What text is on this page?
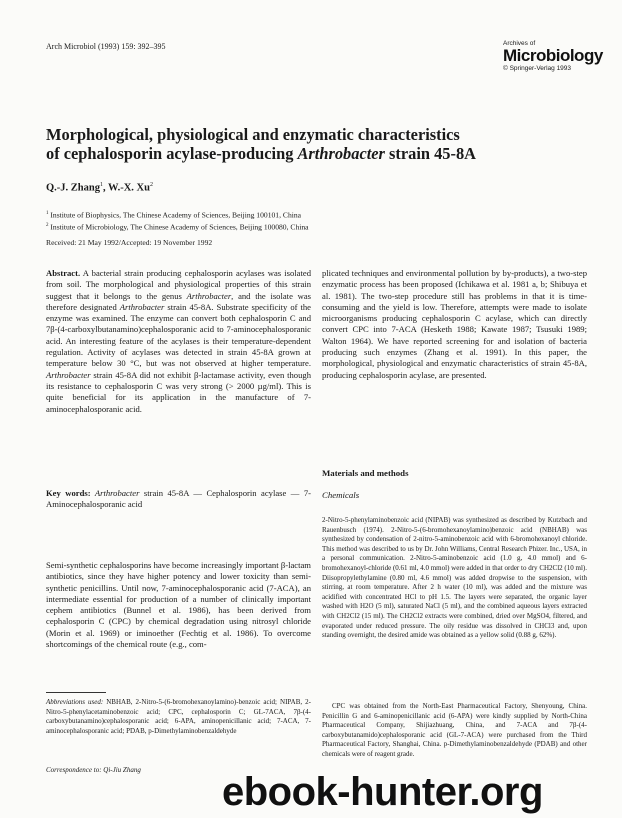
Arch Microbiol (1993) 159: 392–395	Archives of
Microbiology
© Springer-Verlag 1993
Morphological, physiological and enzymatic characteristics
of cephalosporin acylase-producing Arthrobacter strain 45-8A
Q.-J. Zhang$^1$, W.-X. Xu$^2$
$^1$ Institute of Biophysics, The Chinese Academy of Sciences, Beijing 100101, China
$^2$ Institute of Microbiology, The Chinese Academy of Sciences, Beijing 100080, China
Received: 21 May 1992/Accepted: 19 November 1992
Abstract. A bacterial strain producing cephalosporin acylases was isolated from soil. The morphological and physiological properties of this strain suggest that it belongs to the genus Arthrobacter, and the isolate was therefore designated Arthrobacter strain 45-8A. Substrate specificity of the enzyme was examined. The enzyme can convert both cephalosporin C and 7β-(4-carboxylbutanamino)cephalosporanic acid to 7-aminocephalosporanic acid. An interesting feature of the acylases is their temperature-dependent regulation. Activity of acylases was detected in strain 45-8A grown at temperature below 30 °C, but was not observed at higher temperature. Arthrobacter strain 45-8A did not exhibit β-lactamase activity, even though its resistance to cephalosporin C was very strong (> 2000 µg/ml). This is quite beneficial for its application in the manufacture of 7-aminocephalosporanic acid.
Key words: Arthrobacter strain 45-8A — Cephalosporin acylase — 7-Aminocephalosporanic acid
Semi-synthetic cephalosporins have become increasingly important β-lactam antibiotics, since they have higher potency and lower toxicity than semi-synthetic penicillins. Until now, 7-aminocephalosporanic acid (7-ACA), an intermediate essential for production of a number of clinically important cephem antibiotics (Bunnel et al. 1986), has been derived from cephalosporin C (CPC) by chemical degradation using nitrosyl chloride (Morin et al. 1969) or iminoether (Fechtig et al. 1986). To overcome shortcomings of the chemical route (e.g., com-
Abbreviations used: NBHAB, 2-Nitro-5-(6-bromohexanoylamino)-benzoic acid; NIPAB, 2-Nitro-5-phenylacetaminobenzoic acid; CPC, cephalosporin C; GL-7ACA, 7β-(4-carboxybutanamino)cephalosporanic acid; 6-APA, aminopenicillanic acid; 7-ACA, 7-aminocephalosporanic acid; PDAB, p-Dimethylaminobenzaldehyde
Correspondence to: Qi-Jiu Zhang
plicated techniques and environmental pollution by by-products), a two-step enzymatic process has been proposed (Ichikawa et al. 1981 a, b; Shibuya et al. 1981). The two-step procedure still has problems in that it is time-consuming and the yield is low. Therefore, attempts were made to isolate microorganisms producing cephalosporin C acylase, which can directly convert CPC into 7-ACA (Hesketh 1988; Kawate 1987; Tsusuki 1989; Walton 1964). We have reported screening for and isolation of bacteria producing such enzymes (Zhang et al. 1991). In this paper, the morphological, physiological and enzymatic characteristics of strain 45-8A, producing cephalosporin acylase, are presented.
Materials and methods
Chemicals
2-Nitro-5-phenylaminobenzoic acid (NIPAB) was synthesized as described by Kutzbach and Rauenbusch (1974). 2-Nitro-5-(6-bromohexanoylamino)benzoic acid (NBHAB) was synthesized by condensation of 2-nitro-5-aminobenzoic acid with 6-bromohexanoyl chloride. This method was described to us by Dr. John Williams, Central Research Phizer. Inc., USA, in a personal communication. 2-Nitro-5-aminobenzoic acid (1.0 g, 4.0 mmol) and 6-bromohexanoyl-chloride (0.61 ml, 4.0 mmol) were added in that order to dry CH2Cl2 (10 ml). Diisopropylethylamine (0.80 ml, 4.6 mmol) was added dropwise to the suspension, with stirring, at room temperature. After 2 h water (10 ml), was added and the mixture was acidified with concentrated HCl to pH 1.5. The layers were separated, the organic layer washed with H2O (5 ml), saturated NaCl (5 ml), and the combined aqueous layers extracted with CH2Cl2 (15 ml). The CH2Cl2 extracts were combined, dried over MgSO4, filtered, and evaporated under reduced pressure. The oily residue was dissolved in CHCl3 and, upon standing overnight, the desired amide was obtained as a yellow solid (0.88 g, 62%).
CPC was obtained from the North-East Pharmaceutical Factory, Shenyoung, China. Penicillin G and 6-aminopenicillanic acid (6-APA) were kindly supplied by North-China Pharmaceutical Company, Shijiazhuang, China, and 7-ACA and 7β-(4-carboxybutanamido)cephalosporanic acid (GL-7-ACA) were purchased from the Third Pharmaceutical Factory, Shanghai, China. p-Dimethylaminobenzaldehyde (PDAB) and other chemicals were of reagent grade.
ebook-hunter.org
